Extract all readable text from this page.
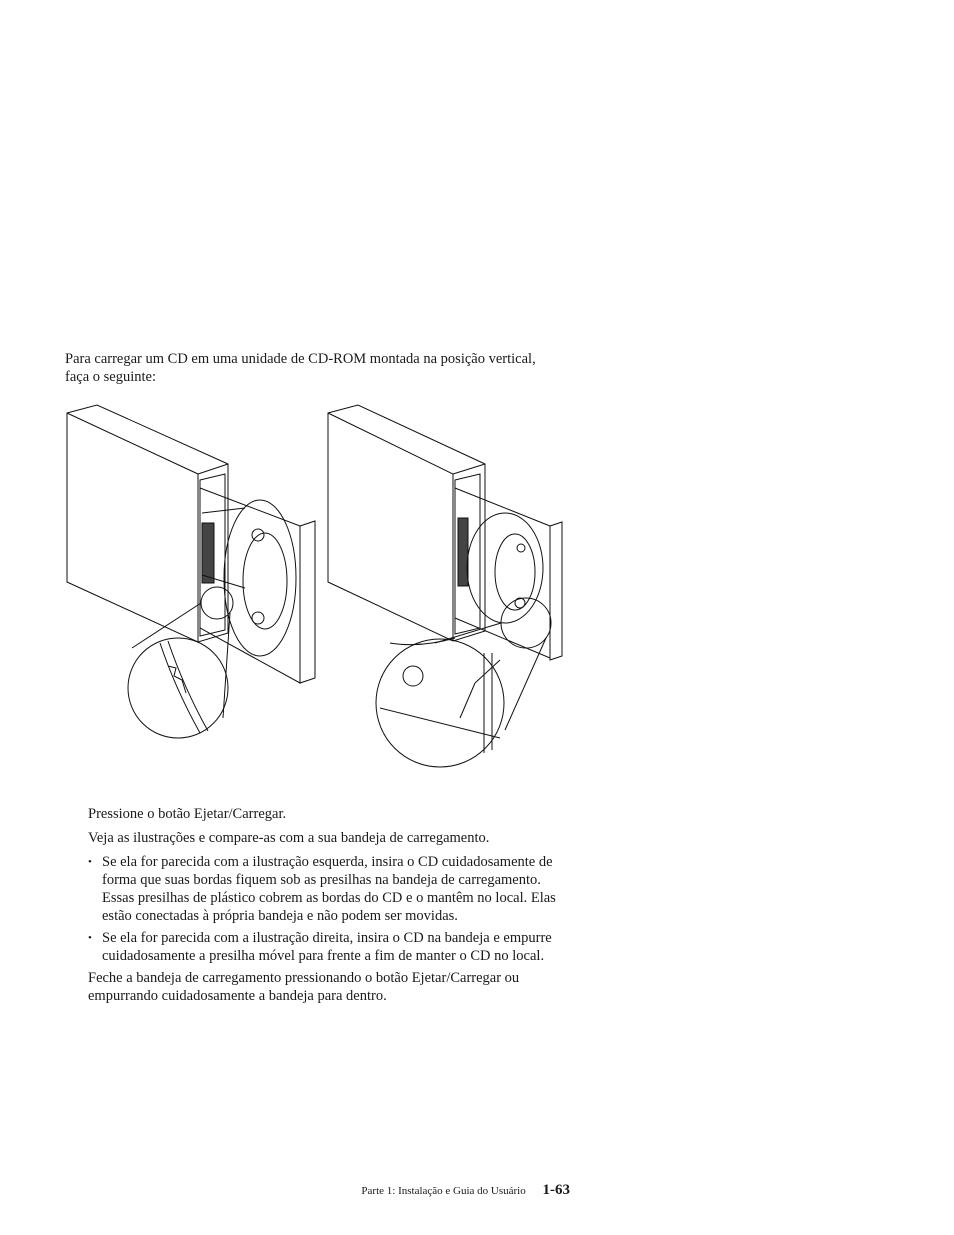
Para carregar um CD em uma unidade de CD-ROM montada na posição vertical, faça o seguinte:

Pressione o botão Ejetar/Carregar.

Veja as ilustrações e compare-as com a sua bandeja de carregamento.

• Se ela for parecida com a ilustração esquerda, insira o CD cuidadosamente de forma que suas bordas fiquem sob as presilhas na bandeja de carregamento. Essas presilhas de plástico cobrem as bordas do CD e o mantêm no local. Elas estão conectadas à própria bandeja e não podem ser movidas.
• Se ela for parecida com a ilustração direita, insira o CD na bandeja e empurre cuidadosamente a presilha móvel para frente a fim de manter o CD no local.

Feche a bandeja de carregamento pressionando o botão Ejetar/Carregar ou empurrando cuidadosamente a bandeja para dentro.

Parte 1: Instalação e Guia do Usuário 1-63
